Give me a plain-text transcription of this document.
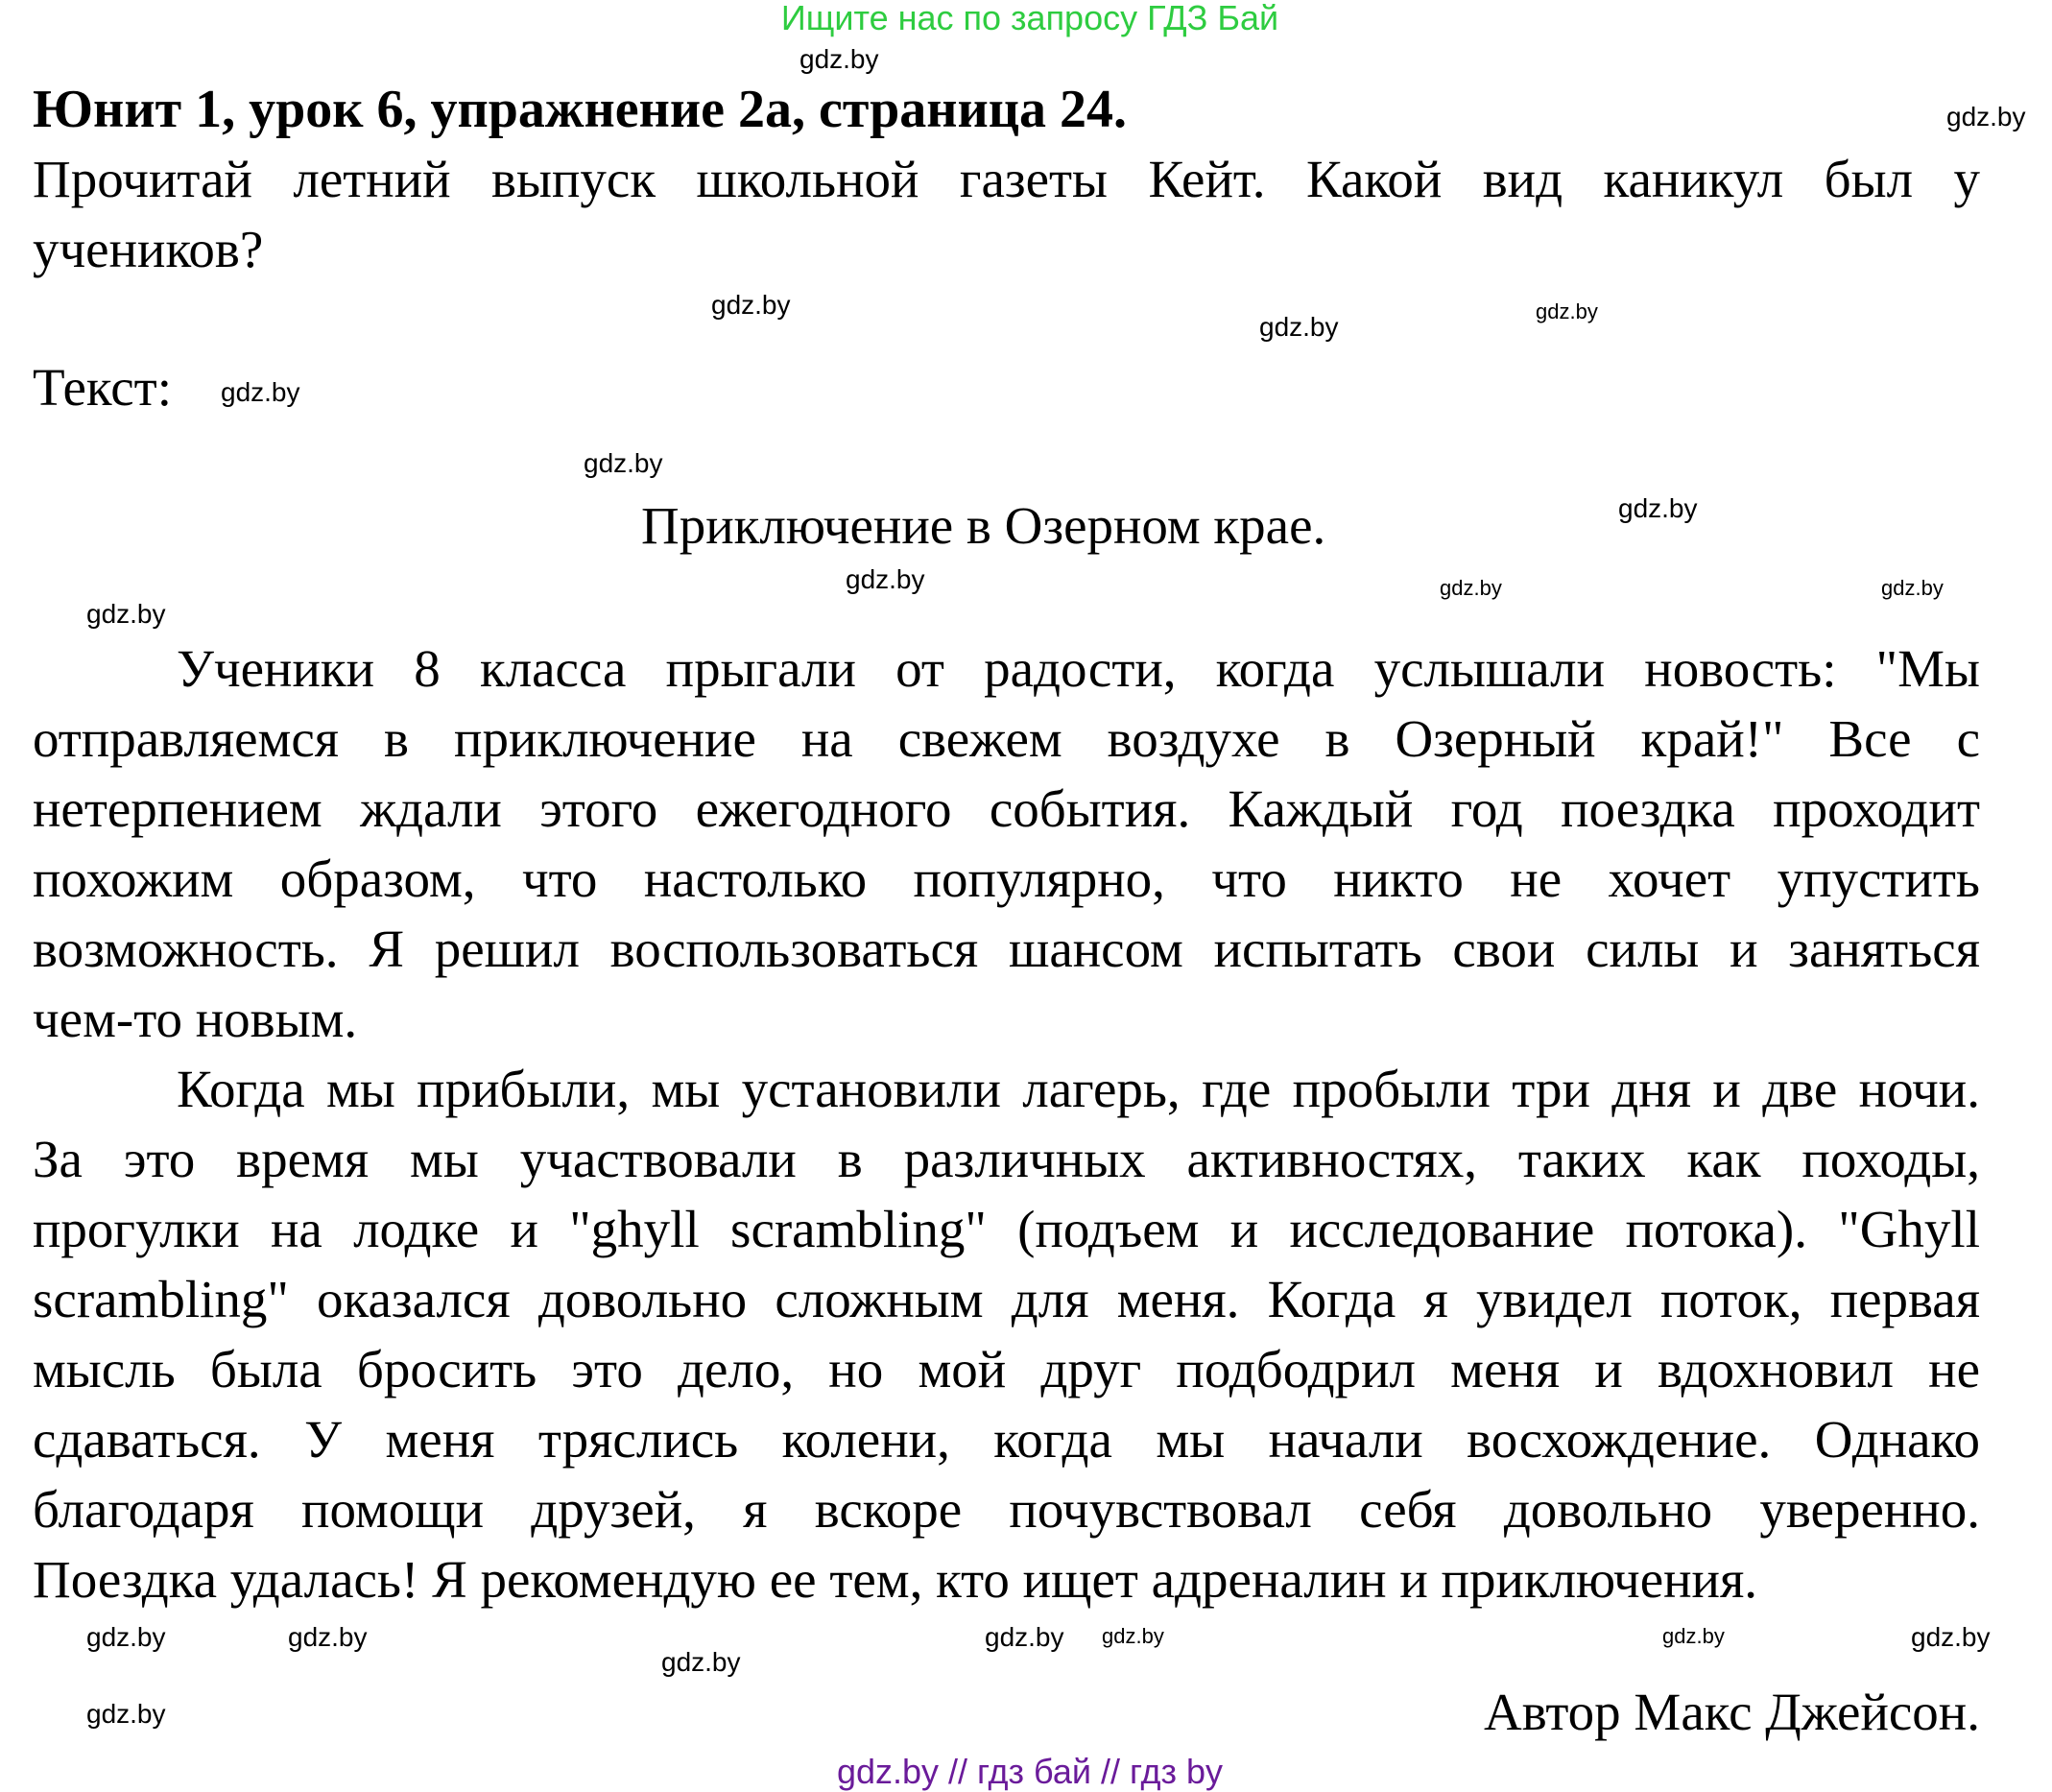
Ищите нас по запросу ГДЗ Бай
Юнит 1, урок 6, упражнение 2а, страница 24.
Прочитай летний выпуск школьной газеты Кейт. Какой вид каникул был у
учеников?
Текст:
Приключение в Озерном крае.
Ученики 8 класса прыгали от радости, когда услышали новость: "Мы
отправляемся в приключение на свежем воздухе в Озерный край!" Все с
нетерпением ждали этого ежегодного события. Каждый год поездка проходит
похожим образом, что настолько популярно, что никто не хочет упустить
возможность. Я решил воспользоваться шансом испытать свои силы и заняться
чем-то новым.
Когда мы прибыли, мы установили лагерь, где пробыли три дня и две ночи.
За это время мы участвовали в различных активностях, таких как походы,
прогулки на лодке и "ghyll scrambling" (подъем и исследование потока). "Ghyll
scrambling" оказался довольно сложным для меня. Когда я увидел поток, первая
мысль была бросить это дело, но мой друг подбодрил меня и вдохновил не
сдаваться. У меня тряслись колени, когда мы начали восхождение. Однако
благодаря помощи друзей, я вскоре почувствовал себя довольно уверенно.
Поездка удалась! Я рекомендую ее тем, кто ищет адреналин и приключения.
Автор Макс Джейсон.
gdz.by // гдз бай // гдз by
gdz.by
gdz.by
gdz.by
gdz.by
gdz.by
gdz.by
gdz.by
gdz.by
gdz.by	gdz.by	gdz.by
gdz.by
gdz.by	gdz.by	gdz.by gdz.by	gdz.by	gdz.by
gdz.by
gdz.by
